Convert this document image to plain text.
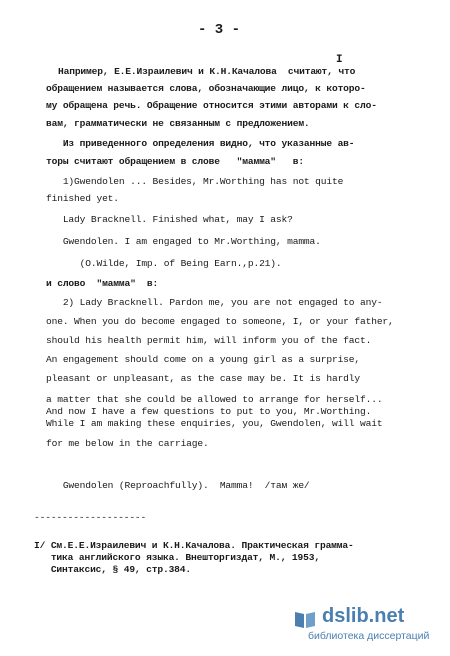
- 3 -
I
Например, Е.Е.Израилевич и К.Н.Качалова  считают, что
обращением называется слова, обозначающие лицо, к которо-
му обращена речь. Обращение относится этими авторами к сло-
вам, грамматически не связанным с предложением.
Из приведенного определения видно, что указанные ав-
торы считают обращением в слове   "мамма"   в:
1)Gwendolen ... Besides, Mr.Worthing has not quite
finished yet.
Lady Bracknell. Finished what, may I ask?
Gwendolen. I am engaged to Mr.Worthing, mamma.
(O.Wilde, Imp. of Being Earn.,p.21).
и слово  "мамма"  в:
2) Lady Bracknell. Pardon me, you are not engaged to any-
one. When you do become engaged to someone, I, or your father,
should his health permit him, will inform you of the fact.
An engagement should come on a young girl as a surprise,
pleasant or unpleasant, as the case may be. It is hardly
a matter that she could be allowed to arrange for herself...
And now I have a few questions to put to you, Mr.Worthing.
While I am making these enquiries, you, Gwendolen, will wait
for me below in the carriage.
Gwendolen (Reproachfully).  Mamma!  /там же/
--------------------
I/ См.Е.Е.Израилевич и К.Н.Качалова. Практическая грамма-
тика английского языка. Внешторгиздат, М., 1953,
Синтаксис, § 49, стр.384.
dslib.net
библиотека диссертаций
